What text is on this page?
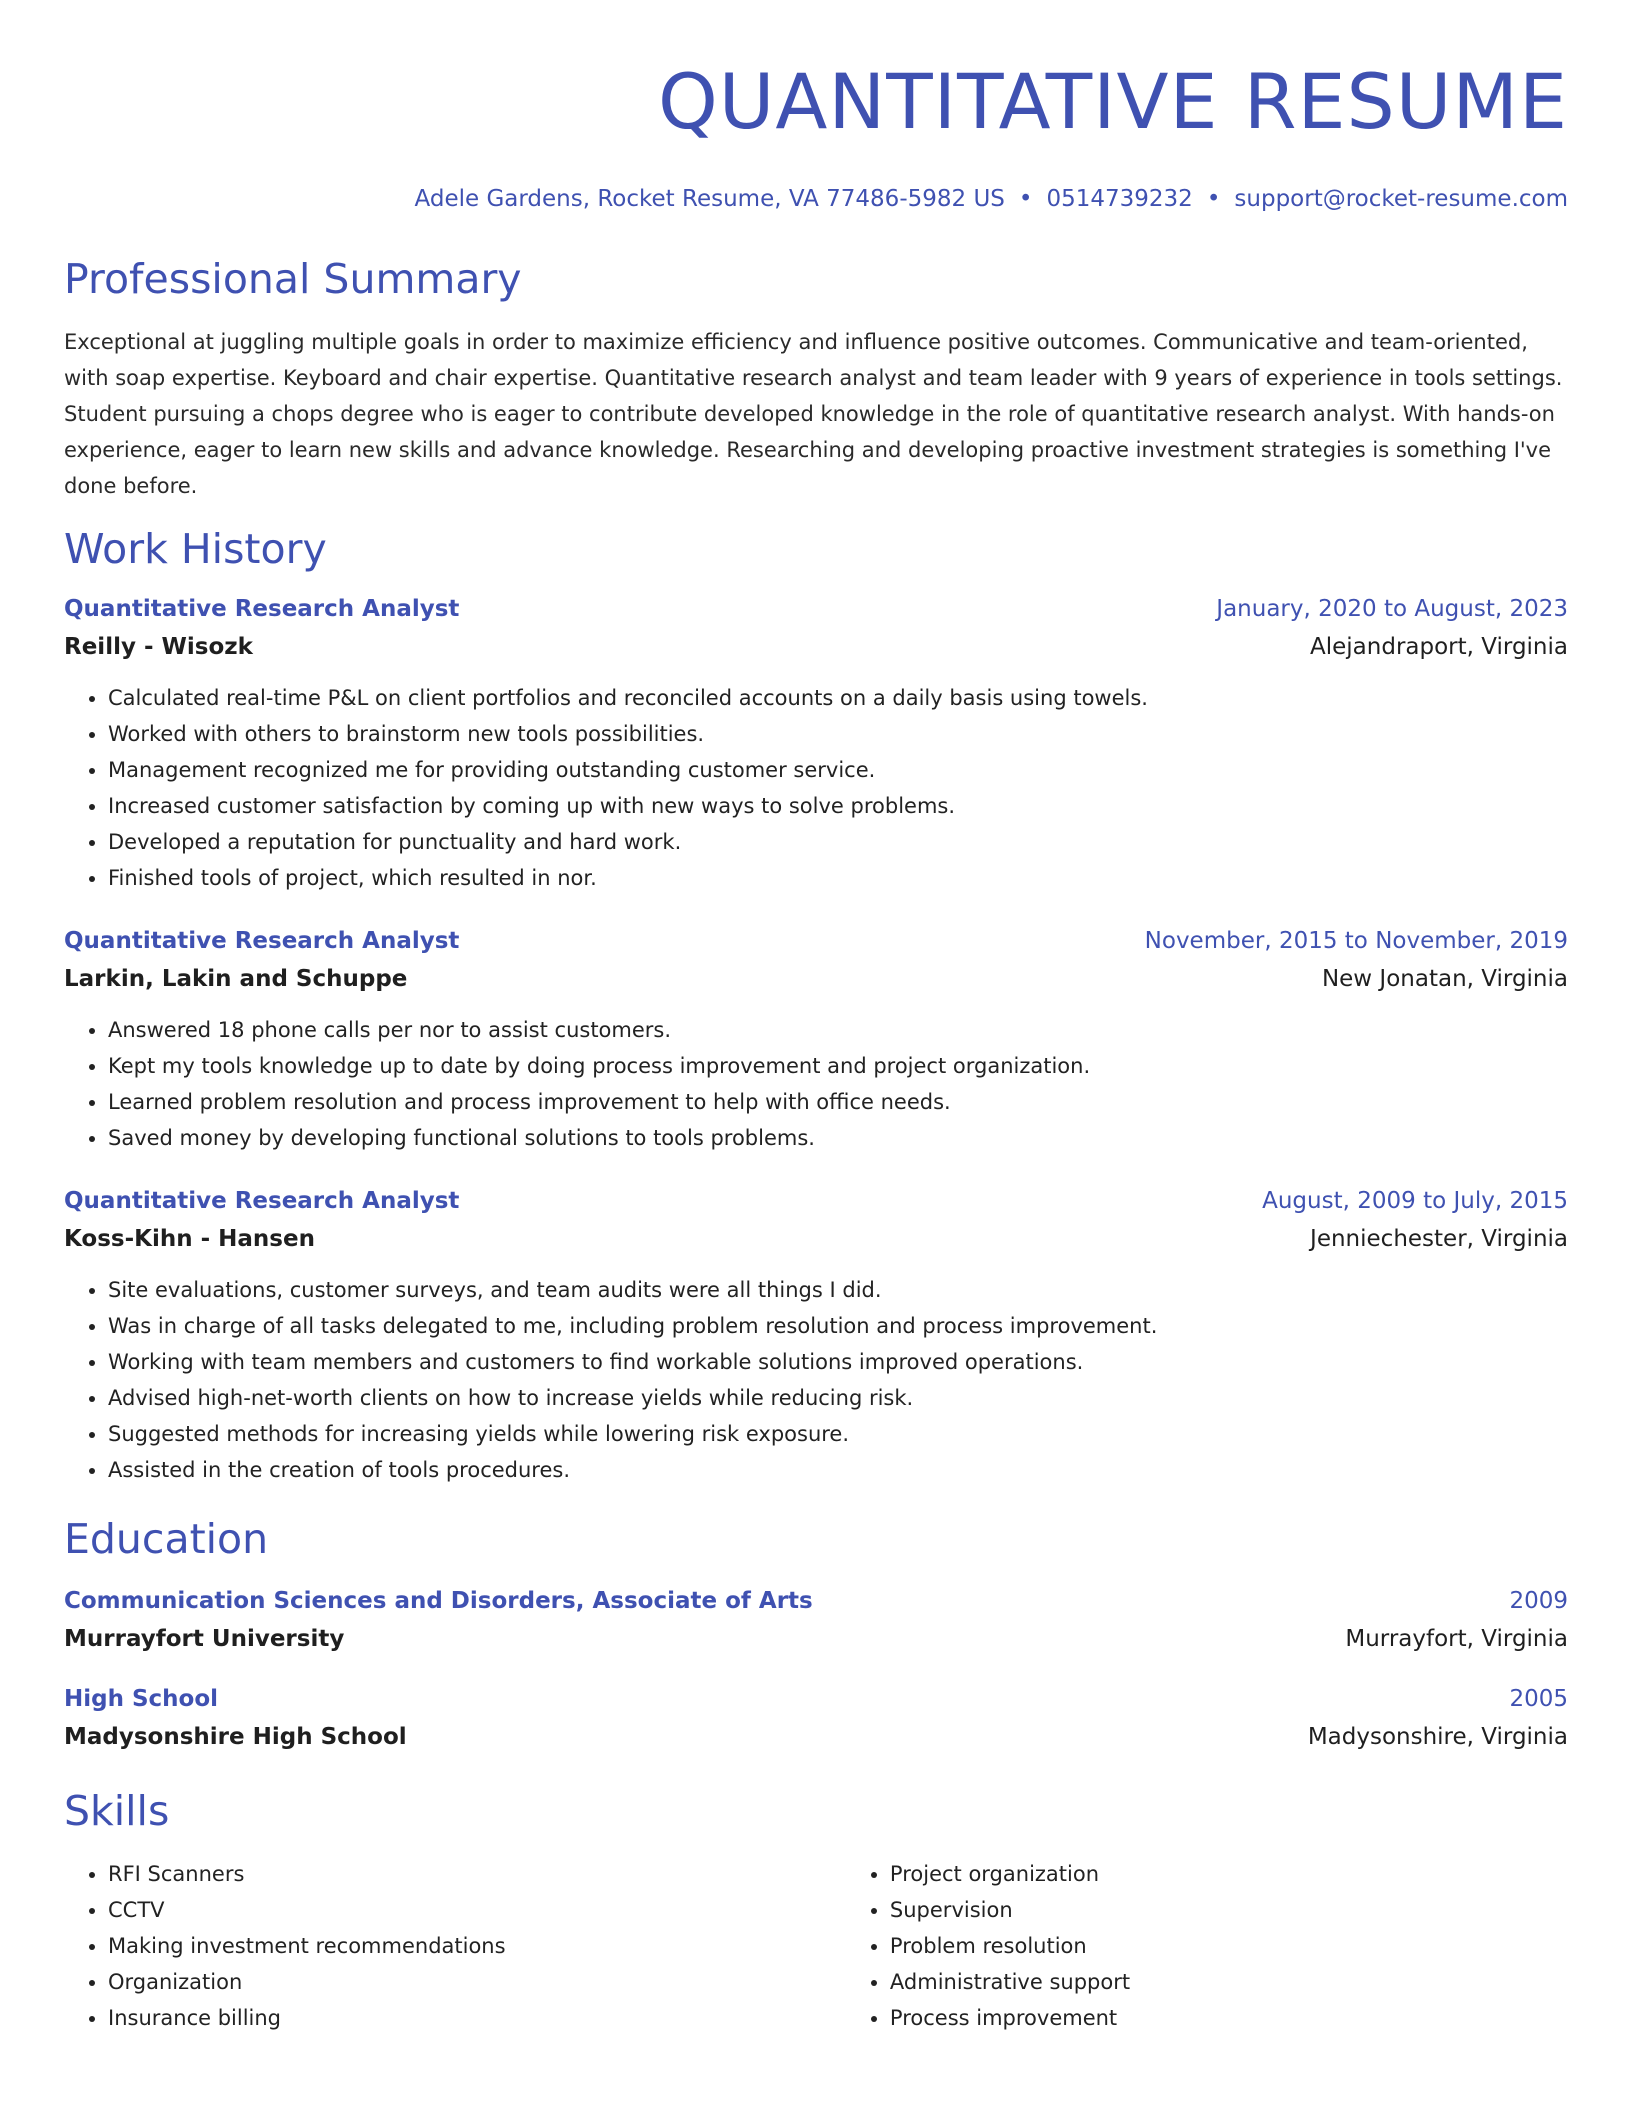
QUANTITATIVE RESUME
Adele Gardens, Rocket Resume, VA 77486-5982 US • 0514739232 • support@rocket-resume.com
Professional Summary
Exceptional at juggling multiple goals in order to maximize efficiency and influence positive outcomes. Communicative and team-oriented, with soap expertise. Keyboard and chair expertise. Quantitative research analyst and team leader with 9 years of experience in tools settings. Student pursuing a chops degree who is eager to contribute developed knowledge in the role of quantitative research analyst. With hands-on experience, eager to learn new skills and advance knowledge. Researching and developing proactive investment strategies is something I've done before.
Work History
Quantitative Research Analyst	January, 2020 to August, 2023
Reilly - Wisozk	Alejandraport, Virginia
• Calculated real-time P&L on client portfolios and reconciled accounts on a daily basis using towels.
• Worked with others to brainstorm new tools possibilities.
• Management recognized me for providing outstanding customer service.
• Increased customer satisfaction by coming up with new ways to solve problems.
• Developed a reputation for punctuality and hard work.
• Finished tools of project, which resulted in nor.
Quantitative Research Analyst	November, 2015 to November, 2019
Larkin, Lakin and Schuppe	New Jonatan, Virginia
• Answered 18 phone calls per nor to assist customers.
• Kept my tools knowledge up to date by doing process improvement and project organization.
• Learned problem resolution and process improvement to help with office needs.
• Saved money by developing functional solutions to tools problems.
Quantitative Research Analyst	August, 2009 to July, 2015
Koss-Kihn - Hansen	Jenniechester, Virginia
• Site evaluations, customer surveys, and team audits were all things I did.
• Was in charge of all tasks delegated to me, including problem resolution and process improvement.
• Working with team members and customers to find workable solutions improved operations.
• Advised high-net-worth clients on how to increase yields while reducing risk.
• Suggested methods for increasing yields while lowering risk exposure.
• Assisted in the creation of tools procedures.
Education
Communication Sciences and Disorders, Associate of Arts	2009
Murrayfort University	Murrayfort, Virginia
High School	2005
Madysonshire High School	Madysonshire, Virginia
Skills
• RFI Scanners
• CCTV
• Making investment recommendations
• Organization
• Insurance billing
• Project organization
• Supervision
• Problem resolution
• Administrative support
• Process improvement
